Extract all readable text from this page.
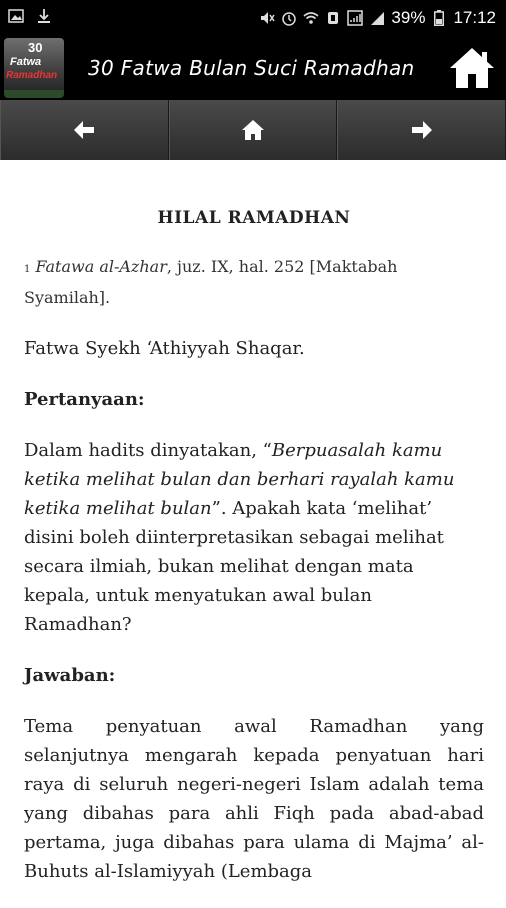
39% 17:12
30
Fatwa
Ramadhan 30 Fatwa Bulan Suci Ramadhan
HILAL RAMADHAN

1 Fatawa al-Azhar, juz. IX, hal. 252 [Maktabah Syamilah].

Fatwa Syekh ‘Athiyyah Shaqar.

Pertanyaan:

Dalam hadits dinyatakan, “Berpuasalah kamu ketika melihat bulan dan berhari rayalah kamu ketika melihat bulan”. Apakah kata ‘melihat’ disini boleh diinterpretasikan sebagai melihat secara ilmiah, bukan melihat dengan mata kepala, untuk menyatukan awal bulan Ramadhan?

Jawaban:

Tema penyatuan awal Ramadhan yang selanjutnya mengarah kepada penyatuan hari raya di seluruh negeri-negeri Islam adalah tema yang dibahas para ahli Fiqh pada abad-abad pertama, juga dibahas para ulama di Majma’ al-Buhuts al-Islamiyyah (Lembaga
